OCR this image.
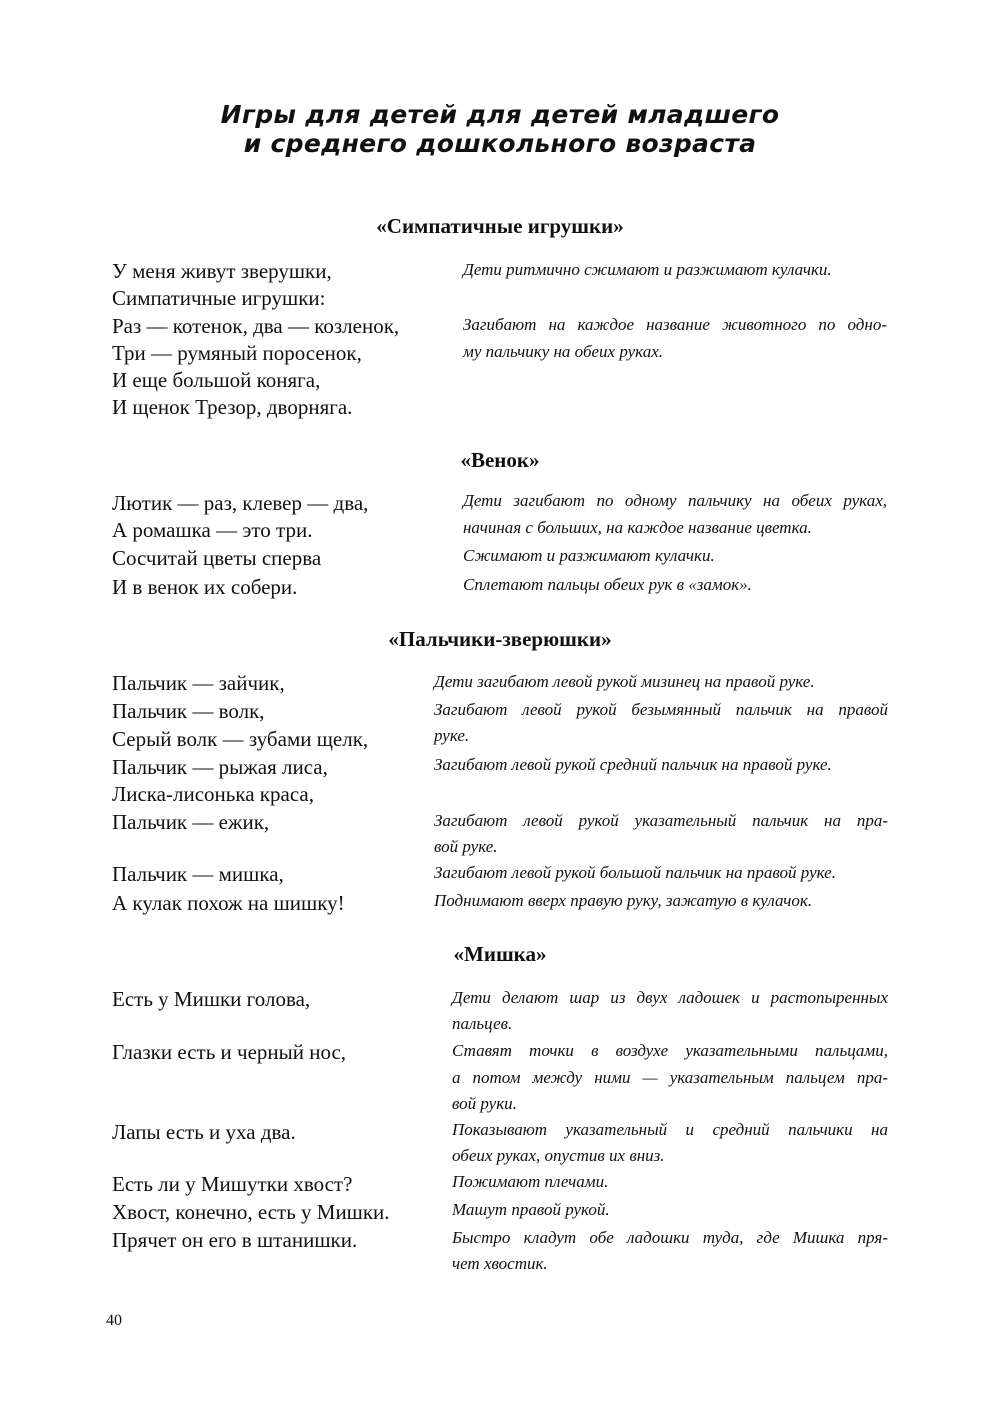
Игры для детей для детей младшего
и среднего дошкольного возраста
«Симпатичные игрушки»
У меня живут зверушки,
Симпатичные игрушки:
Раз — котенок, два — козленок,
Три — румяный поросенок,
И еще большой коняга,
И щенок Трезор, дворняга.
Дети ритмично сжимают и разжимают кулачки.
Загибают на каждое название животного по одно-
му пальчику на обеих руках.
«Венок»
Лютик — раз, клевер — два,
А ромашка — это три.
Сосчитай цветы сперва
И в венок их собери.
Дети загибают по одному пальчику на обеих руках,
начиная с больших, на каждое название цветка.
Сжимают и разжимают кулачки.
Сплетают пальцы обеих рук в «замок».
«Пальчики-зверюшки»
Пальчик — зайчик,
Пальчик — волк,
Серый волк — зубами щелк,
Пальчик — рыжая лиса,
Лиска-лисонька краса,
Пальчик — ежик,
Пальчик — мишка,
А кулак похож на шишку!
Дети загибают левой рукой мизинец на правой руке.
Загибают левой рукой безымянный пальчик на правой
руке.
Загибают левой рукой средний пальчик на правой руке.
Загибают левой рукой указательный пальчик на пра-
вой руке.
Загибают левой рукой большой пальчик на правой руке.
Поднимают вверх правую руку, зажатую в кулачок.
«Мишка»
Есть у Мишки голова,
Глазки есть и черный нос,
Лапы есть и уха два.
Есть ли у Мишутки хвост?
Хвост, конечно, есть у Мишки.
Прячет он его в штанишки.
Дети делают шар из двух ладошек и растопыренных
пальцев.
Ставят точки в воздухе указательными пальцами,
а потом между ними — указательным пальцем пра-
вой руки.
Показывают указательный и средний пальчики на
обеих руках, опустив их вниз.
Пожимают плечами.
Машут правой рукой.
Быстро кладут обе ладошки туда, где Мишка пря-
чет хвостик.
40
